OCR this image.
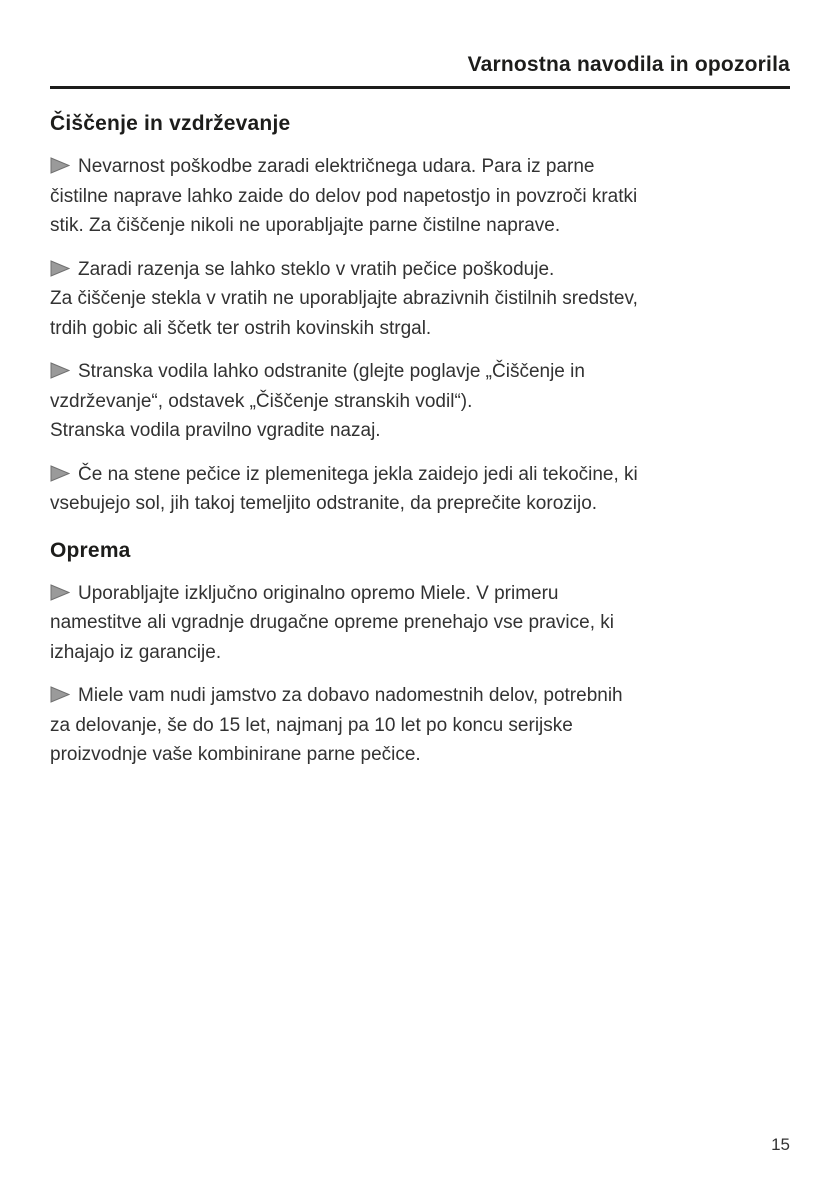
Varnostna navodila in opozorila
Čiščenje in vzdrževanje

Nevarnost poškodbe zaradi električnega udara. Para iz parne
čistilne naprave lahko zaide do delov pod napetostjo in povzroči kratki
stik. Za čiščenje nikoli ne uporabljajte parne čistilne naprave.

Zaradi razenja se lahko steklo v vratih pečice poškoduje.
Za čiščenje stekla v vratih ne uporabljajte abrazivnih čistilnih sredstev,
trdih gobic ali ščetk ter ostrih kovinskih strgal.

Stranska vodila lahko odstranite (glejte poglavje „Čiščenje in
vzdrževanje“, odstavek „Čiščenje stranskih vodil“).
Stranska vodila pravilno vgradite nazaj.

Če na stene pečice iz plemenitega jekla zaidejo jedi ali tekočine, ki
vsebujejo sol, jih takoj temeljito odstranite, da preprečite korozijo.

Oprema

Uporabljajte izključno originalno opremo Miele. V primeru
namestitve ali vgradnje drugačne opreme prenehajo vse pravice, ki
izhajajo iz garancije.

Miele vam nudi jamstvo za dobavo nadomestnih delov, potrebnih
za delovanje, še do 15 let, najmanj pa 10 let po koncu serijske
proizvodnje vaše kombinirane parne pečice.

15
